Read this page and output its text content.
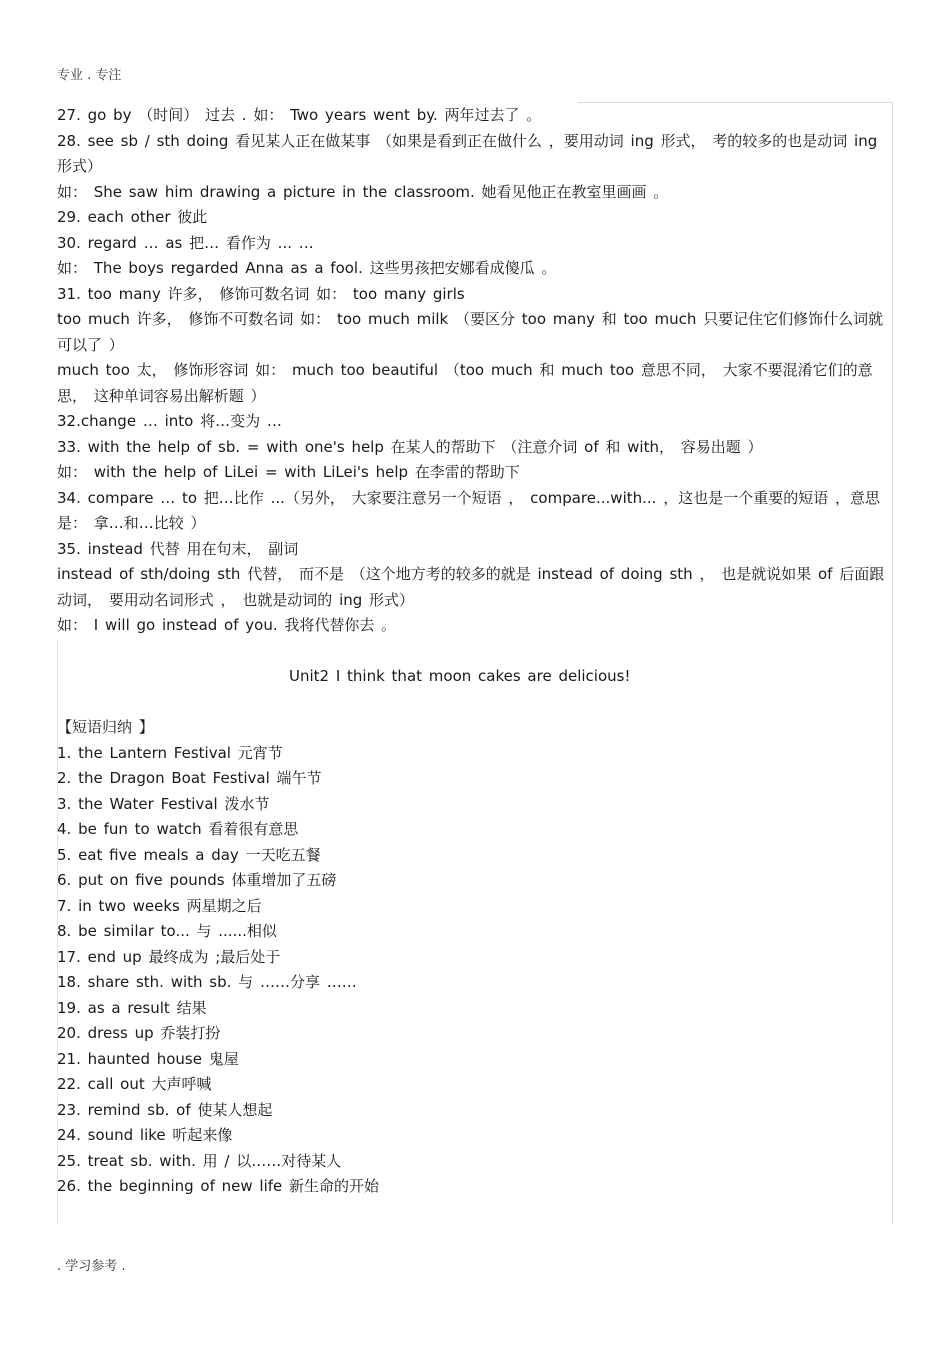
专业 . 专注

27. go by （时间） 过去 . 如： Two years went by. 两年过去了 。

28. see sb / sth doing 看见某人正在做某事 （如果是看到正在做什么 ，要用动词 ing 形式， 考的较多的也是动词 ing 形式）

如： She saw him drawing a picture in the classroom. 她看见他正在教室里画画 。

29. each other 彼此

30. regard … as 把… 看作为 ... …

如： The boys regarded Anna as a fool. 这些男孩把安娜看成傻瓜 。

31. too many 许多， 修饰可数名词 如： too many girls

too much 许多， 修饰不可数名词 如： too much milk （要区分 too many 和 too much 只要记住它们修饰什么词就可以了 ）

much too 太， 修饰形容词 如： much too beautiful （too much 和 much too 意思不同， 大家不要混淆它们的意思， 这种单词容易出解析题 ）

32.change … into 将…变为 …

33. with the help of sb. = with one's help 在某人的帮助下 （注意介词 of 和 with， 容易出题 ）

如： with the help of LiLei = with LiLei's help 在李雷的帮助下

34. compare … to 把…比作 ...（另外， 大家要注意另一个短语 ， compare...with... ，这也是一个重要的短语 ，意思是： 拿…和…比较 ）

35. instead 代替 用在句末， 副词

instead of sth/doing sth 代替， 而不是 （这个地方考的较多的就是 instead of doing sth ， 也是就说如果 of 后面跟动词， 要用动名词形式 ， 也就是动词的 ing 形式）

如： I will go instead of you. 我将代替你去 。

Unit2 I think that moon cakes are delicious!

【短语归纳 】

1. the Lantern Festival 元宵节

2. the Dragon Boat Festival 端午节

3. the Water Festival 泼水节

4. be fun to watch 看着很有意思

5. eat five meals a day 一天吃五餐

6. put on five pounds 体重增加了五磅

7. in two weeks 两星期之后

8. be similar to... 与 ......相似

17. end up 最终成为 ;最后处于

18. share sth. with sb. 与 ……分享 ……

19. as a result 结果

20. dress up 乔装打扮

21. haunted house 鬼屋

22. call out 大声呼喊

23. remind sb. of 使某人想起

24. sound like 听起来像

25. treat sb. with. 用 / 以……对待某人

26. the beginning of new life 新生命的开始

. 学习参考 .
